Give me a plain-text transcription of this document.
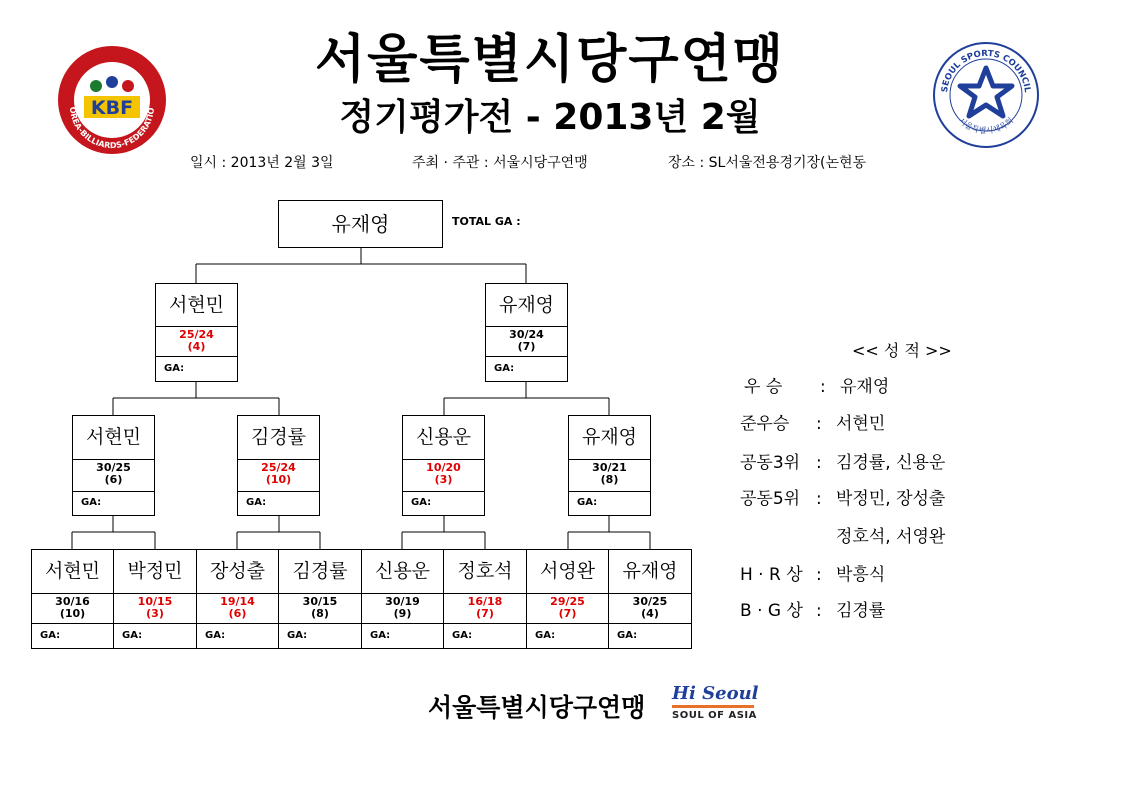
KBF
OREA-BILLIARDS-FEDERATIO
SEOUL SPORTS COUNCIL
서울특별시체육회
서울특별시당구연맹
정기평가전 - 2013년 2월
일시 : 2013년 2월 3일	주최 · 주관 : 서울시당구연맹	장소 : SL서울전용경기장(논현동
유재영	TOTAL GA :
서현민
25/24
(4)
GA:
유재영
30/24
(7)
GA:
서현민
30/25
(6)
GA:
김경률
25/24
(10)
GA:
신용운
10/20
(3)
GA:
유재영
30/21
(8)
GA:
서현민
30/16
(10)
GA:
박정민
10/15
(3)
GA:
장성출
19/14
(6)
GA:
김경률
30/15
(8)
GA:
신용운
30/19
(9)
GA:
정호석
16/18
(7)
GA:
서영완
29/25
(7)
GA:
유재영
30/25
(4)
GA:
<< 성 적 >>
우 승 : 유재영
준우승 : 서현민
공동3위 : 김경률, 신용운
공동5위 : 박정민, 장성출
정호석, 서영완
H · R 상 : 박흥식
B · G 상 : 김경률
서울특별시당구연맹 Hi Seoul
SOUL OF ASIA
